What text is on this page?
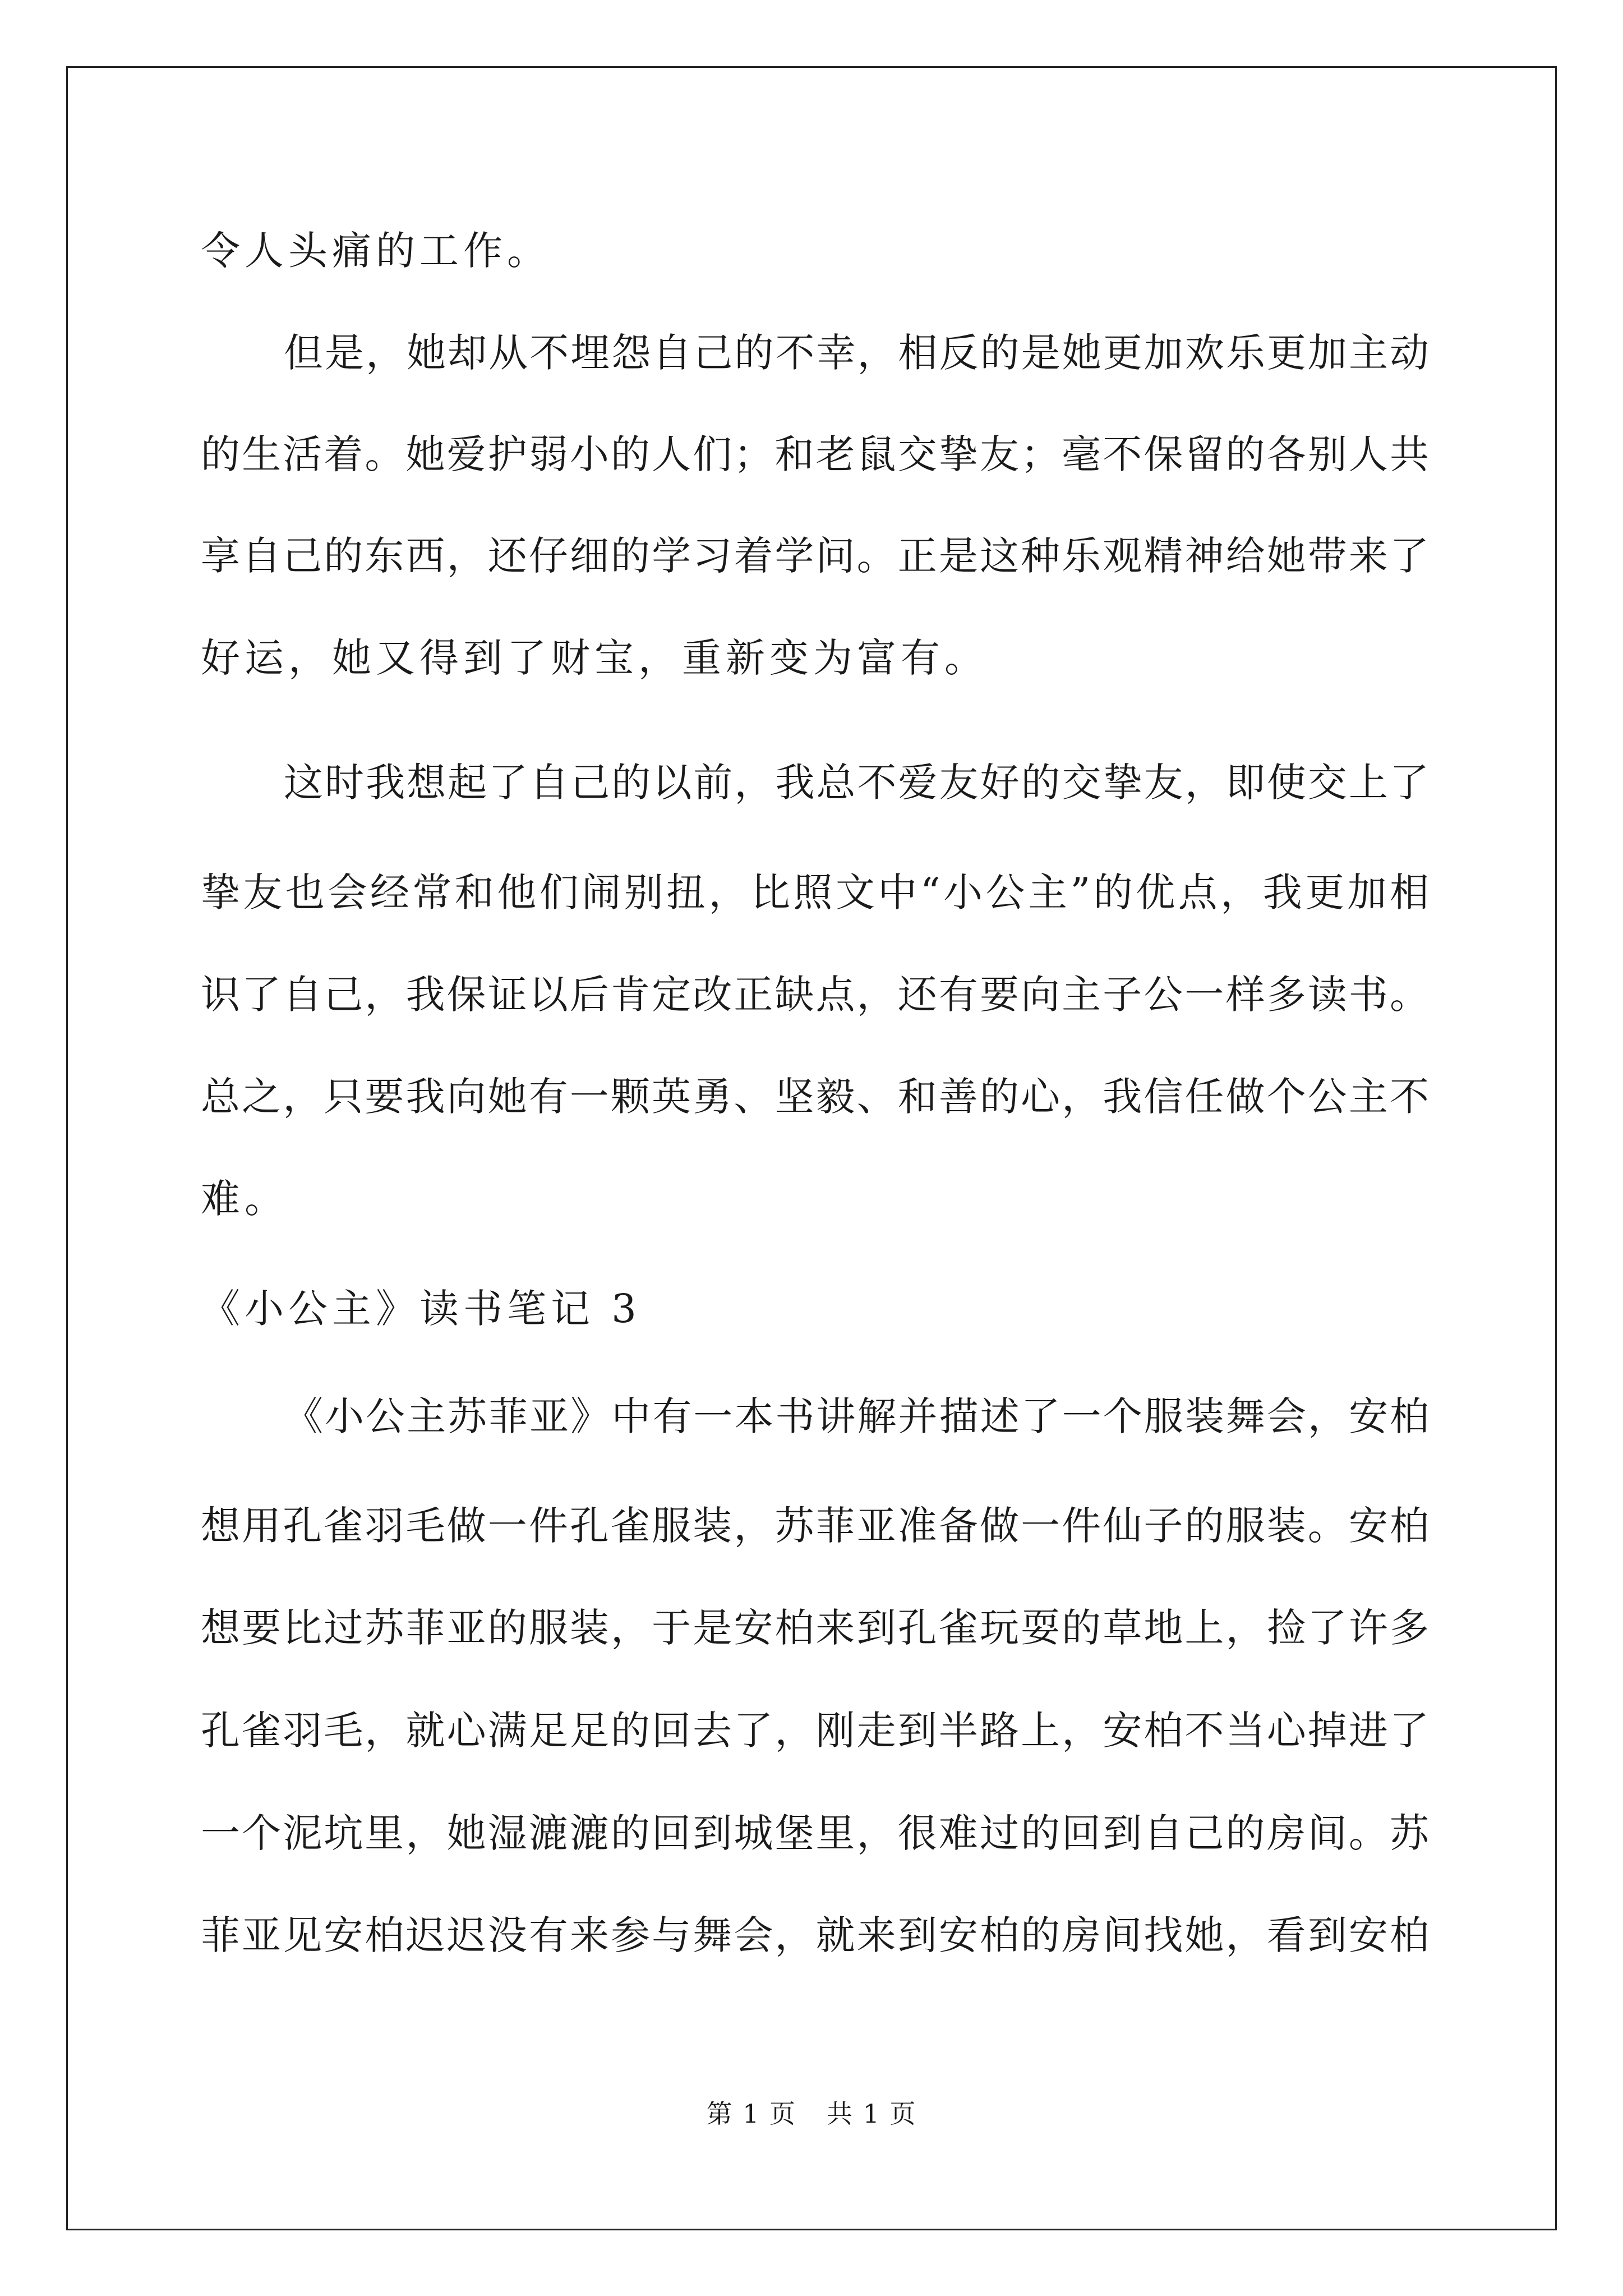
令人头痛的工作。
但是，她却从不埋怨自己的不幸，相反的是她更加欢乐更加主动
的生活着。她爱护弱小的人们；和老鼠交挚友；毫不保留的各别人共
享自己的东西，还仔细的学习着学问。正是这种乐观精神给她带来了
好运，她又得到了财宝，重新变为富有。
这时我想起了自己的以前，我总不爱友好的交挚友，即使交上了
挚友也会经常和他们闹别扭，比照文中“小公主”的优点，我更加相
识了自己，我保证以后肯定改正缺点，还有要向主子公一样多读书。
总之，只要我向她有一颗英勇、坚毅、和善的心，我信任做个公主不
难。
《小公主》读书笔记 3
《小公主苏菲亚》中有一本书讲解并描述了一个服装舞会，安柏
想用孔雀羽毛做一件孔雀服装，苏菲亚准备做一件仙子的服装。安柏
想要比过苏菲亚的服装，于是安柏来到孔雀玩耍的草地上，捡了许多
孔雀羽毛，就心满足足的回去了，刚走到半路上，安柏不当心掉进了
一个泥坑里，她湿漉漉的回到城堡里，很难过的回到自己的房间。苏
菲亚见安柏迟迟没有来参与舞会，就来到安柏的房间找她，看到安柏
第 1 页 共 1 页
